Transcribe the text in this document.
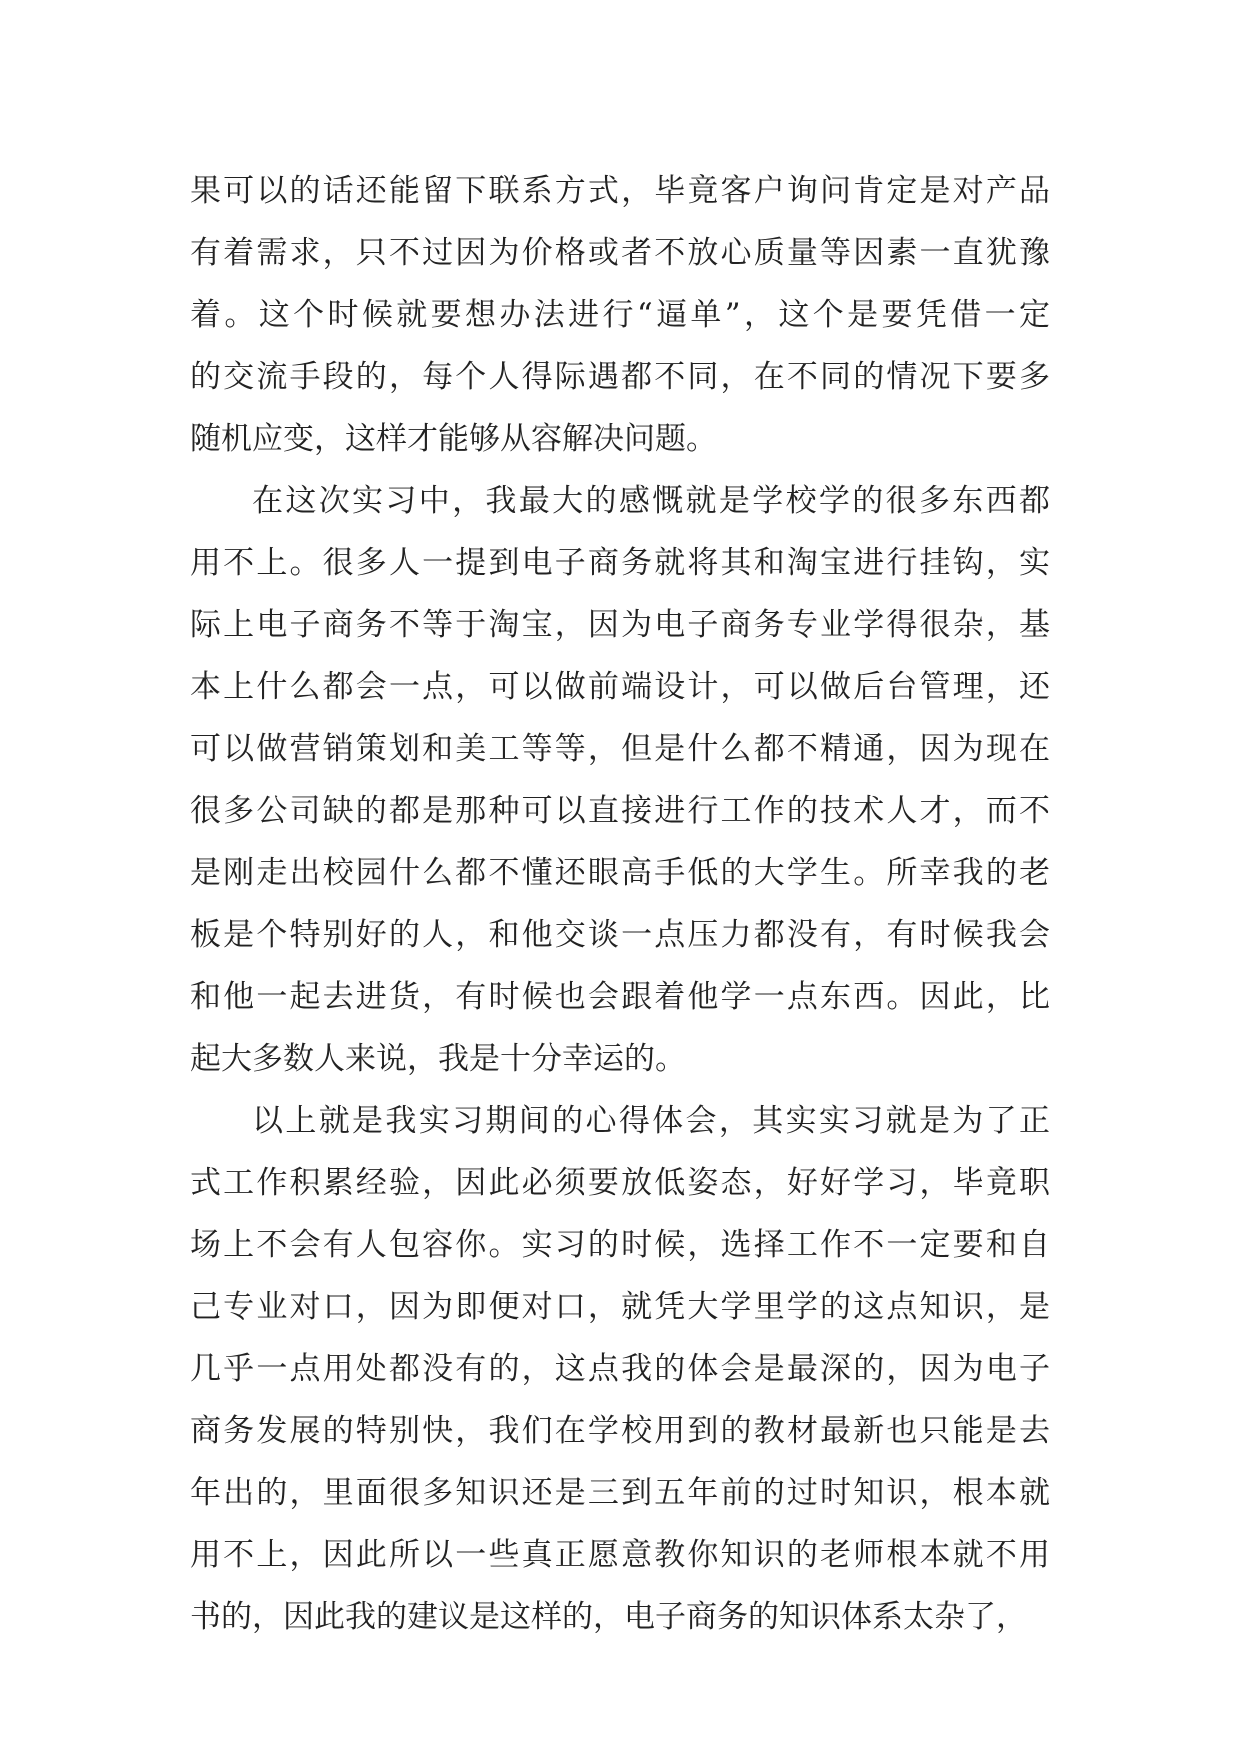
果可以的话还能留下联系方式，毕竟客户询问肯定是对产品
有着需求，只不过因为价格或者不放心质量等因素一直犹豫
着。这个时候就要想办法进行“逼单”，这个是要凭借一定
的交流手段的，每个人得际遇都不同，在不同的情况下要多
随机应变，这样才能够从容解决问题。
在这次实习中，我最大的感慨就是学校学的很多东西都
用不上。很多人一提到电子商务就将其和淘宝进行挂钩，实
际上电子商务不等于淘宝，因为电子商务专业学得很杂，基
本上什么都会一点，可以做前端设计，可以做后台管理，还
可以做营销策划和美工等等，但是什么都不精通，因为现在
很多公司缺的都是那种可以直接进行工作的技术人才，而不
是刚走出校园什么都不懂还眼高手低的大学生。所幸我的老
板是个特别好的人，和他交谈一点压力都没有，有时候我会
和他一起去进货，有时候也会跟着他学一点东西。因此，比
起大多数人来说，我是十分幸运的。
以上就是我实习期间的心得体会，其实实习就是为了正
式工作积累经验，因此必须要放低姿态，好好学习，毕竟职
场上不会有人包容你。实习的时候，选择工作不一定要和自
己专业对口，因为即便对口，就凭大学里学的这点知识，是
几乎一点用处都没有的，这点我的体会是最深的，因为电子
商务发展的特别快，我们在学校用到的教材最新也只能是去
年出的，里面很多知识还是三到五年前的过时知识，根本就
用不上，因此所以一些真正愿意教你知识的老师根本就不用
书的，因此我的建议是这样的，电子商务的知识体系太杂了，
